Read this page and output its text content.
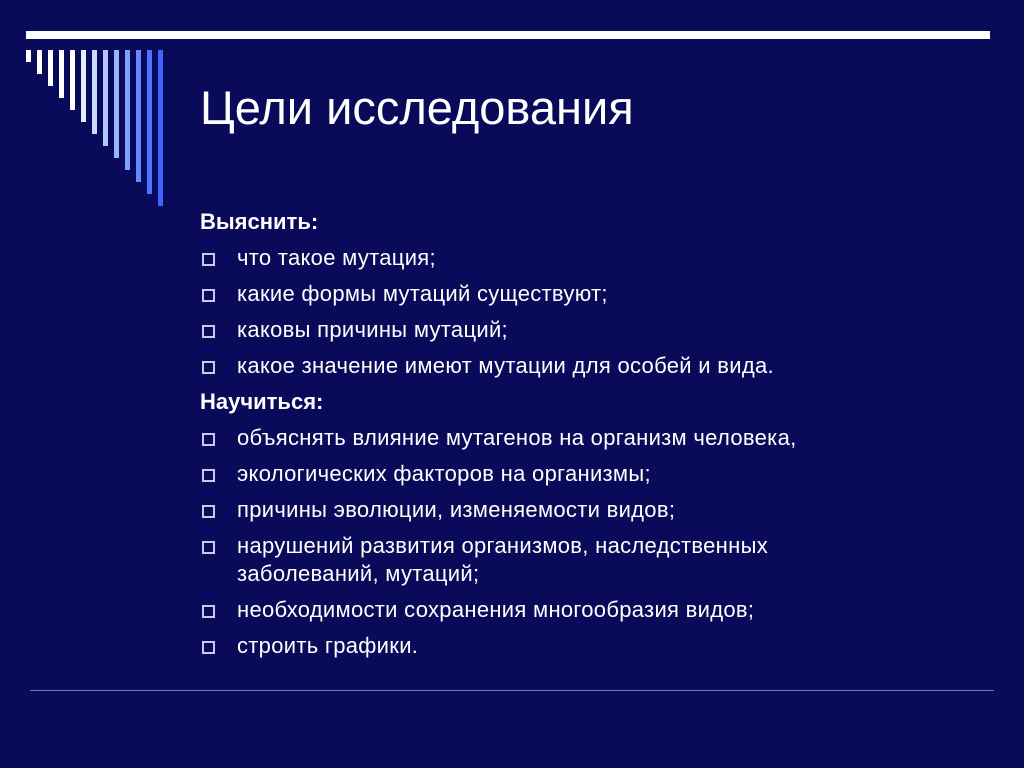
Цели исследования
Выяснить:
что такое мутация;
какие формы мутаций существуют;
каковы причины мутаций;
какое значение имеют мутации для особей и вида.
Научиться:
объяснять влияние мутагенов на организм человека,
экологических факторов на организмы;
причины эволюции, изменяемости видов;
нарушений развития организмов, наследственных
заболеваний, мутаций;
необходимости сохранения многообразия видов;
строить графики.
